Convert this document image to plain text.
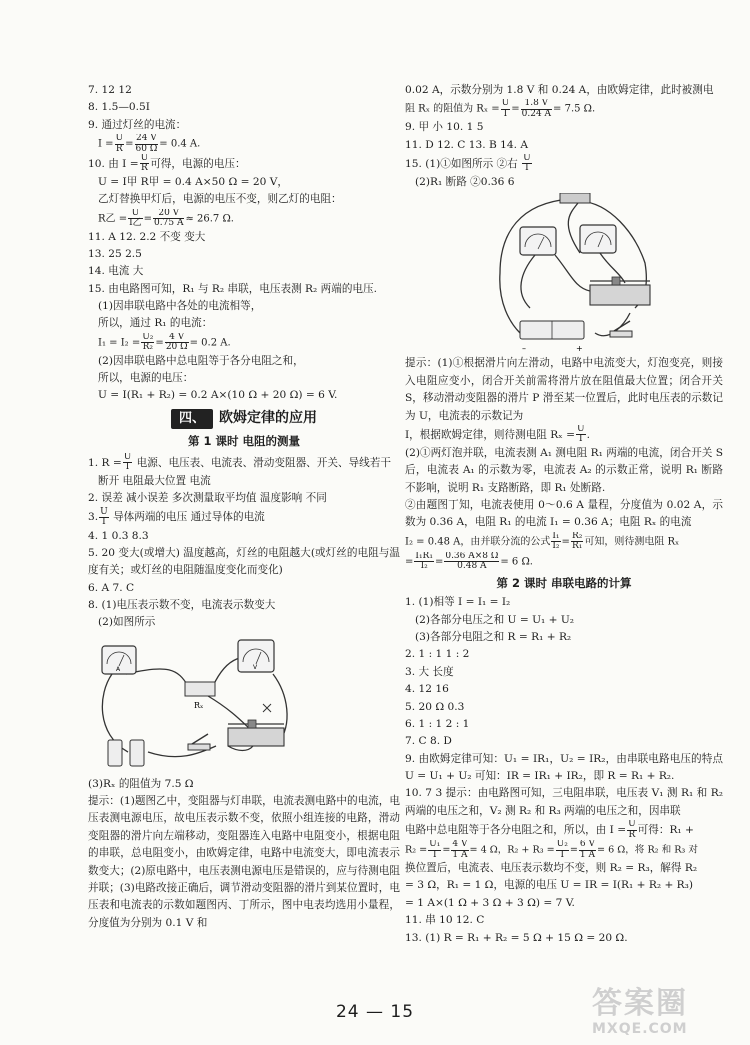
7. 12 12
8. 1.5—0.5I
9. 通过灯丝的电流：
$I = \frac{U}{R} = \frac{24 V}{60 \Omega} = 0.4$ A.
10. 由 $I = \frac{U}{R}$ 可得，电源的电压：
U = I甲 R甲 = 0.4 A×50 Ω = 20 V，
乙灯替换甲灯后，电源的电压不变，则乙灯的电阻：
R乙 = $\frac{U}{\text{I乙}} = \frac{20 V}{0.75 A} \approx 26.7$ Ω.
11. A 12. 2.2 不变 变大
13. 25 2.5
14. 电流 大
15. 由电路图可知，R₁ 与 R₂ 串联，电压表测 R₂ 两端的电压.
(1)因串联电路中各处的电流相等，
所以，通过 R₁ 的电流：
$I_1 = I_2 = \frac{\text{U₂}}{\text{R₂}} = \frac{4 V}{20 \Omega} = 0.2$ A.
(2)因串联电路中总电阻等于各分电阻之和，
所以，电源的电压：
U = I(R₁ + R₂) = 0.2 A×(10 Ω + 20 Ω) = 6 V.
四、 欧姆定律的应用
第 1 课时 电阻的测量
1. $R = \frac{U}{I}$ 电源、电压表、电流表、滑动变阻器、开关、导线若干
断开 电阻最大位置 电流
2. 误差 减小误差 多次测量取平均值 温度影响 不同
3. $\frac{U}{I}$ 导体两端的电压 通过导体的电流
4. 1 0.3 8.3
5. 20 变大(或增大) 温度越高，灯丝的电阻越大(或灯丝的电阻与温度有关；或灯丝的电阻随温度变化而变化)
6. A 7. C
8. (1)电压表示数不变，电流表示数变大
(2)如图所示
A	V
Rₓ
(3)Rₓ 的阻值为 7.5 Ω
提示：(1)题图乙中，变阻器与灯串联，电流表测电路中的电流，电压表测电源电压，故电压表示数不变，依照小组连接的电路，滑动变阻器的滑片向左端移动，变阻器连入电路中电阻变小，根据电阻的串联，总电阻变小，由欧姆定律，电路中电流变大，即电流表示数变大；(2)原电路中，电压表测电源电压是错误的，应与待测电阻并联；(3)电路改接正确后，调节滑动变阻器的滑片到某位置时，电压表和电流表的示数如题图丙、丁所示，图中电表均选用小量程，分度值为分别为 0.1 V 和
0.02 A，示数分别为 1.8 V 和 0.24 A，由欧姆定律，此时被测电
阻 Rₓ 的阻值为 $R_x = \frac{U}{I} = \frac{1.8 V}{0.24 A} = 7.5$ Ω.
9. 甲 小 10. 1 5
11. D 12. C 13. B 14. A
15. (1)①如图所示 ②右 $\frac{U}{I}$
(2)R₁ 断路 ②0.36 6
–	+
提示：(1)①根据滑片向左滑动，电路中电流变大，灯泡变亮，则接入电阻应变小，闭合开关前需将滑片放在阻值最大位置；闭合开关 S，移动滑动变阻器的滑片 P 滑至某一位置后，此时电压表的示数记为 U，电流表的示数记为
I，根据欧姆定律，则待测电阻 $R_x = \frac{U}{I}$ .
(2)①两灯泡并联，电流表测 A₁ 测电阻 R₁ 两端的电流，闭合开关 S 后，电流表 A₁ 的示数为零，电流表 A₂ 的示数正常，说明 R₁ 断路不影响，说明 R₁ 支路断路，即 R₁ 处断路.
②由题图丁知，电流表使用 0～0.6 A 量程，分度值为 0.02 A，示数为 0.36 A，电阻 R₁ 的电流 I₁ = 0.36 A；电阻 Rₓ 的电流
I₂ = 0.48 A，由并联分流的公式 $\frac{\text{I₁}}{\text{I₂}} = \frac{\text{R₂}}{\text{R₁}}$ 可知，则待测电阻 Rₓ
= $\frac{\text{I₁R₁}}{\text{I₂}} = \frac{0.36 A\times 8 \Omega}{0.48 A} = 6$ Ω.
第 2 课时 串联电路的计算
1. (1)相等 I = I₁ = I₂
(2)各部分电压之和 U = U₁ + U₂
(3)各部分电阻之和 R = R₁ + R₂
2. 1 : 1 1 : 2
3. 大 长度
4. 12 16
5. 20 Ω 0.3
6. 1 : 1 2 : 1
7. C 8. D
9. 由欧姆定律可知：U₁ = IR₁，U₂ = IR₂，由串联电路电压的特点 U = U₁ + U₂ 可知：IR = IR₁ + IR₂，即 R = R₁ + R₂.
10. 7 3 提示：由电路图可知，三电阻串联，电压表 V₁ 测 R₁ 和 R₂ 两端的电压之和，V₂ 测 R₂ 和 R₃ 两端的电压之和，因串联
电路中总电阻等于各分电阻之和，所以，由 $I = \frac{U}{R}$ 可得：R₁ +
$R_2 = \frac{\text{U₁}}{I} = \frac{4 V}{1 A} = 4$ Ω，$R_2 + R_3 = \frac{\text{U₂}}{I} = \frac{6 V}{1 A} = 6$ Ω，将 R₂ 和 R₃ 对
换位置后，电流表、电压表示数均不变，则 R₂ = R₃，解得 R₂
= 3 Ω，R₁ = 1 Ω，电源的电压 U = IR = I(R₁ + R₂ + R₃)
= 1 A×(1 Ω + 3 Ω + 3 Ω) = 7 V.
11. 串 10 12. C
13. (1) R = R₁ + R₂ = 5 Ω + 15 Ω = 20 Ω.
24 — 15	答案圈
MXQE.COM
